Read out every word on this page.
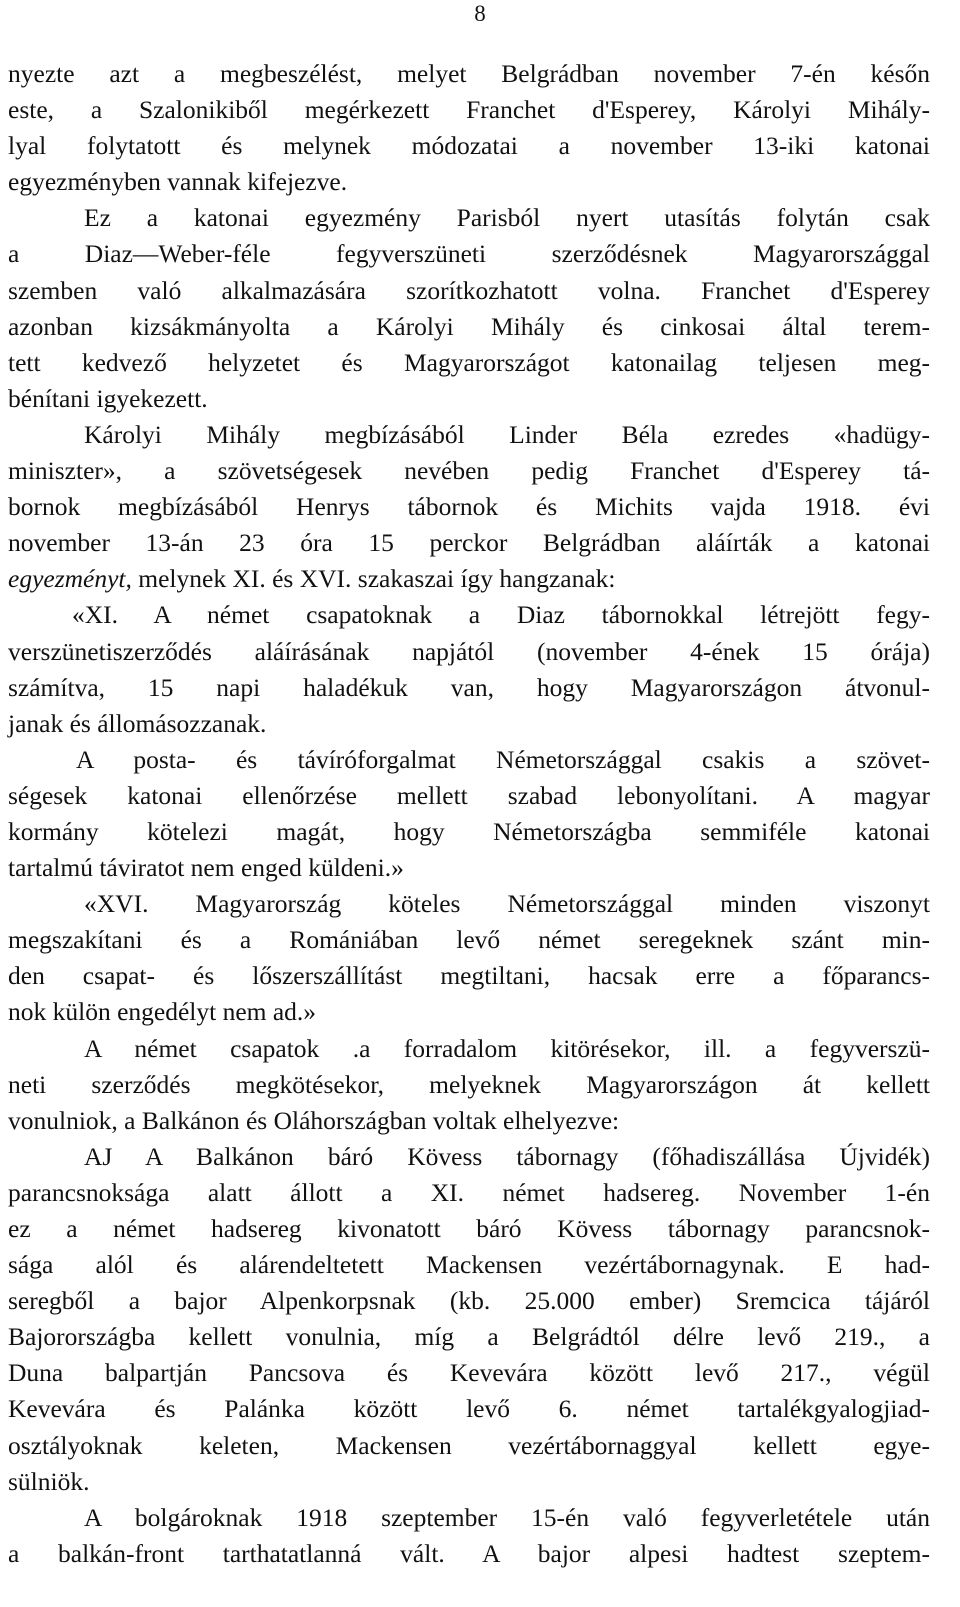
8
nyezte azt a megbeszélést, melyet Belgrádban november 7-én későn
este, a Szalonikiből megérkezett Franchet d'Esperey, Károlyi Mihály-
lyal folytatott és melynek módozatai a november 13-iki katonai
egyezményben vannak kifejezve.
Ez a katonai egyezmény Parisból nyert utasítás folytán csak
a Diaz—Weber-féle fegyverszüneti szerződésnek Magyarországgal
szemben való alkalmazására szorítkozhatott volna. Franchet d'Esperey
azonban kizsákmányolta a Károlyi Mihály és cinkosai által terem-
tett kedvező helyzetet és Magyarországot katonailag teljesen meg-
bénítani igyekezett.
Károlyi Mihály megbízásából Linder Béla ezredes «hadügy-
miniszter», a szövetségesek nevében pedig Franchet d'Esperey tá-
bornok megbízásából Henrys tábornok és Michits vajda 1918. évi
november 13-án 23 óra 15 perckor Belgrádban aláírták a katonai
egyezményt, melynek XI. és XVI. szakaszai így hangzanak:
«XI. A német csapatoknak a Diaz tábornokkal létrejött fegy-
verszünetiszerződés aláírásának napjától (november 4-ének 15 órája)
számítva, 15 napi haladékuk van, hogy Magyarországon átvonul-
janak és állomásozzanak.
A posta- és távíróforgalmat Németországgal csakis a szövet-
ségesek katonai ellenőrzése mellett szabad lebonyolítani. A magyar
kormány kötelezi magát, hogy Németországba semmiféle katonai
tartalmú táviratot nem enged küldeni.»
«XVI. Magyarország köteles Németországgal minden viszonyt
megszakítani és a Romániában levő német seregeknek szánt min-
den csapat- és lőszerszállítást megtiltani, hacsak erre a főparancs-
nok külön engedélyt nem ad.»
A német csapatok .a forradalom kitörésekor, ill. a fegyverszü-
neti szerződés megkötésekor, melyeknek Magyarországon át kellett
vonulniok, a Balkánon és Oláhországban voltak elhelyezve:
AJ A Balkánon báró Köve​ss tábornagy (főhadiszállása Újvidék)
parancsnoksága alatt állott a XI. német hadsereg. November 1-én
ez a német hadsereg kivonatott báró Kövess tábornagy parancsnok-
sága alól és alárendeltetett Mackensen vezértábornagynak. E had-
seregből a bajor Alpenkorpsnak (kb. 25.000 ember) Sremcica tájáról
Bajorországba kellett vonulnia, míg a Belgrádtól délre levő 219., a
Duna balpartján Pancsova és Kevevára között levő 217., végül
Kevevára és Palánka között levő 6. német tartalékgyalogjiad-
osztályoknak keleten, Mackensen vezértábornaggyal kellett egye-
sülniök.
A bolgároknak 1918 szeptember 15-én való fegyverletétele után
a balkán-front tarthatatlanná vált. A bajor alpesi hadtest szeptem-
